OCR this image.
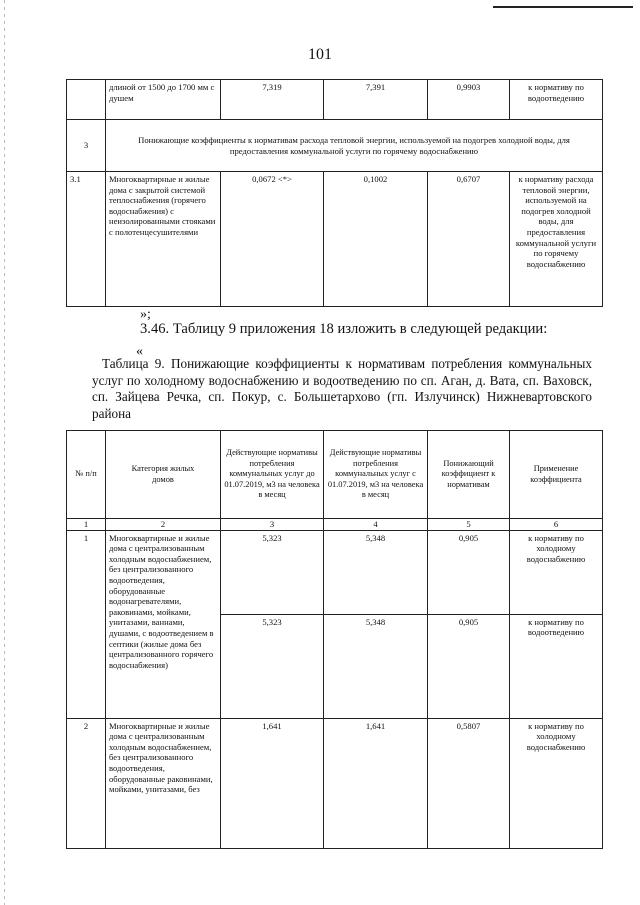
101
	длиной от 1500 до 1700 мм с душем	7,319	7,391	0,9903	к нормативу по водоотведению
3	Понижающие коэффициенты к нормативам расхода тепловой энергии, используемой на подогрев холодной воды, для предоставления коммунальной услуги по горячему водоснабжению				
3.1	Многоквартирные и жилые дома с закрытой системой теплоснабжения (горячего водоснабжения) с неизолированными стояками с полотенцесушителями	0,0672 <*>	0,1002	0,6707	к нормативу расхода тепловой энергии, используемой на подогрев холодной воды, для предоставления коммунальной услуги по горячему водоснабжению
»;
3.46. Таблицу 9 приложения 18 изложить в следующей редакции:
«
Таблица 9. Понижающие коэффициенты к нормативам потребления коммунальных услуг по холодному водоснабжению и водоотведению по сп. Аган, д. Вата, сп. Ваховск, сп. Зайцева Речка, сп. Покур, с. Большетархово (гп. Излучинск) Нижневартовского района
№ п/п	Категория жилых домов	Действующие нормативы потребления коммунальных услуг до 01.07.2019, м3 на человека в месяц	Действующие нормативы потребления коммунальных услуг с 01.07.2019, м3 на человека в месяц	Понижающий коэффициент к нормативам	Применение коэффициента
1	2	3	4	5	6
1	Многоквартирные и жилые дома с централизованным холодным водоснабжением, без централизованного водоотведения, оборудованные водонагревателями, раковинами, мойками, унитазами, ваннами, душами, с водоотведением в септики (жилые дома без централизованного горячего водоснабжения)	5,323	5,348	0,905	к нормативу по холодному водоснабжению
		5,323	5,348	0,905	к нормативу по водоотведению
2	Многоквартирные и жилые дома с централизованным холодным водоснабжением, без централизованного водоотведения, оборудованные раковинами, мойками, унитазами, без	1,641	1,641	0,5807	к нормативу по холодному водоснабжению
